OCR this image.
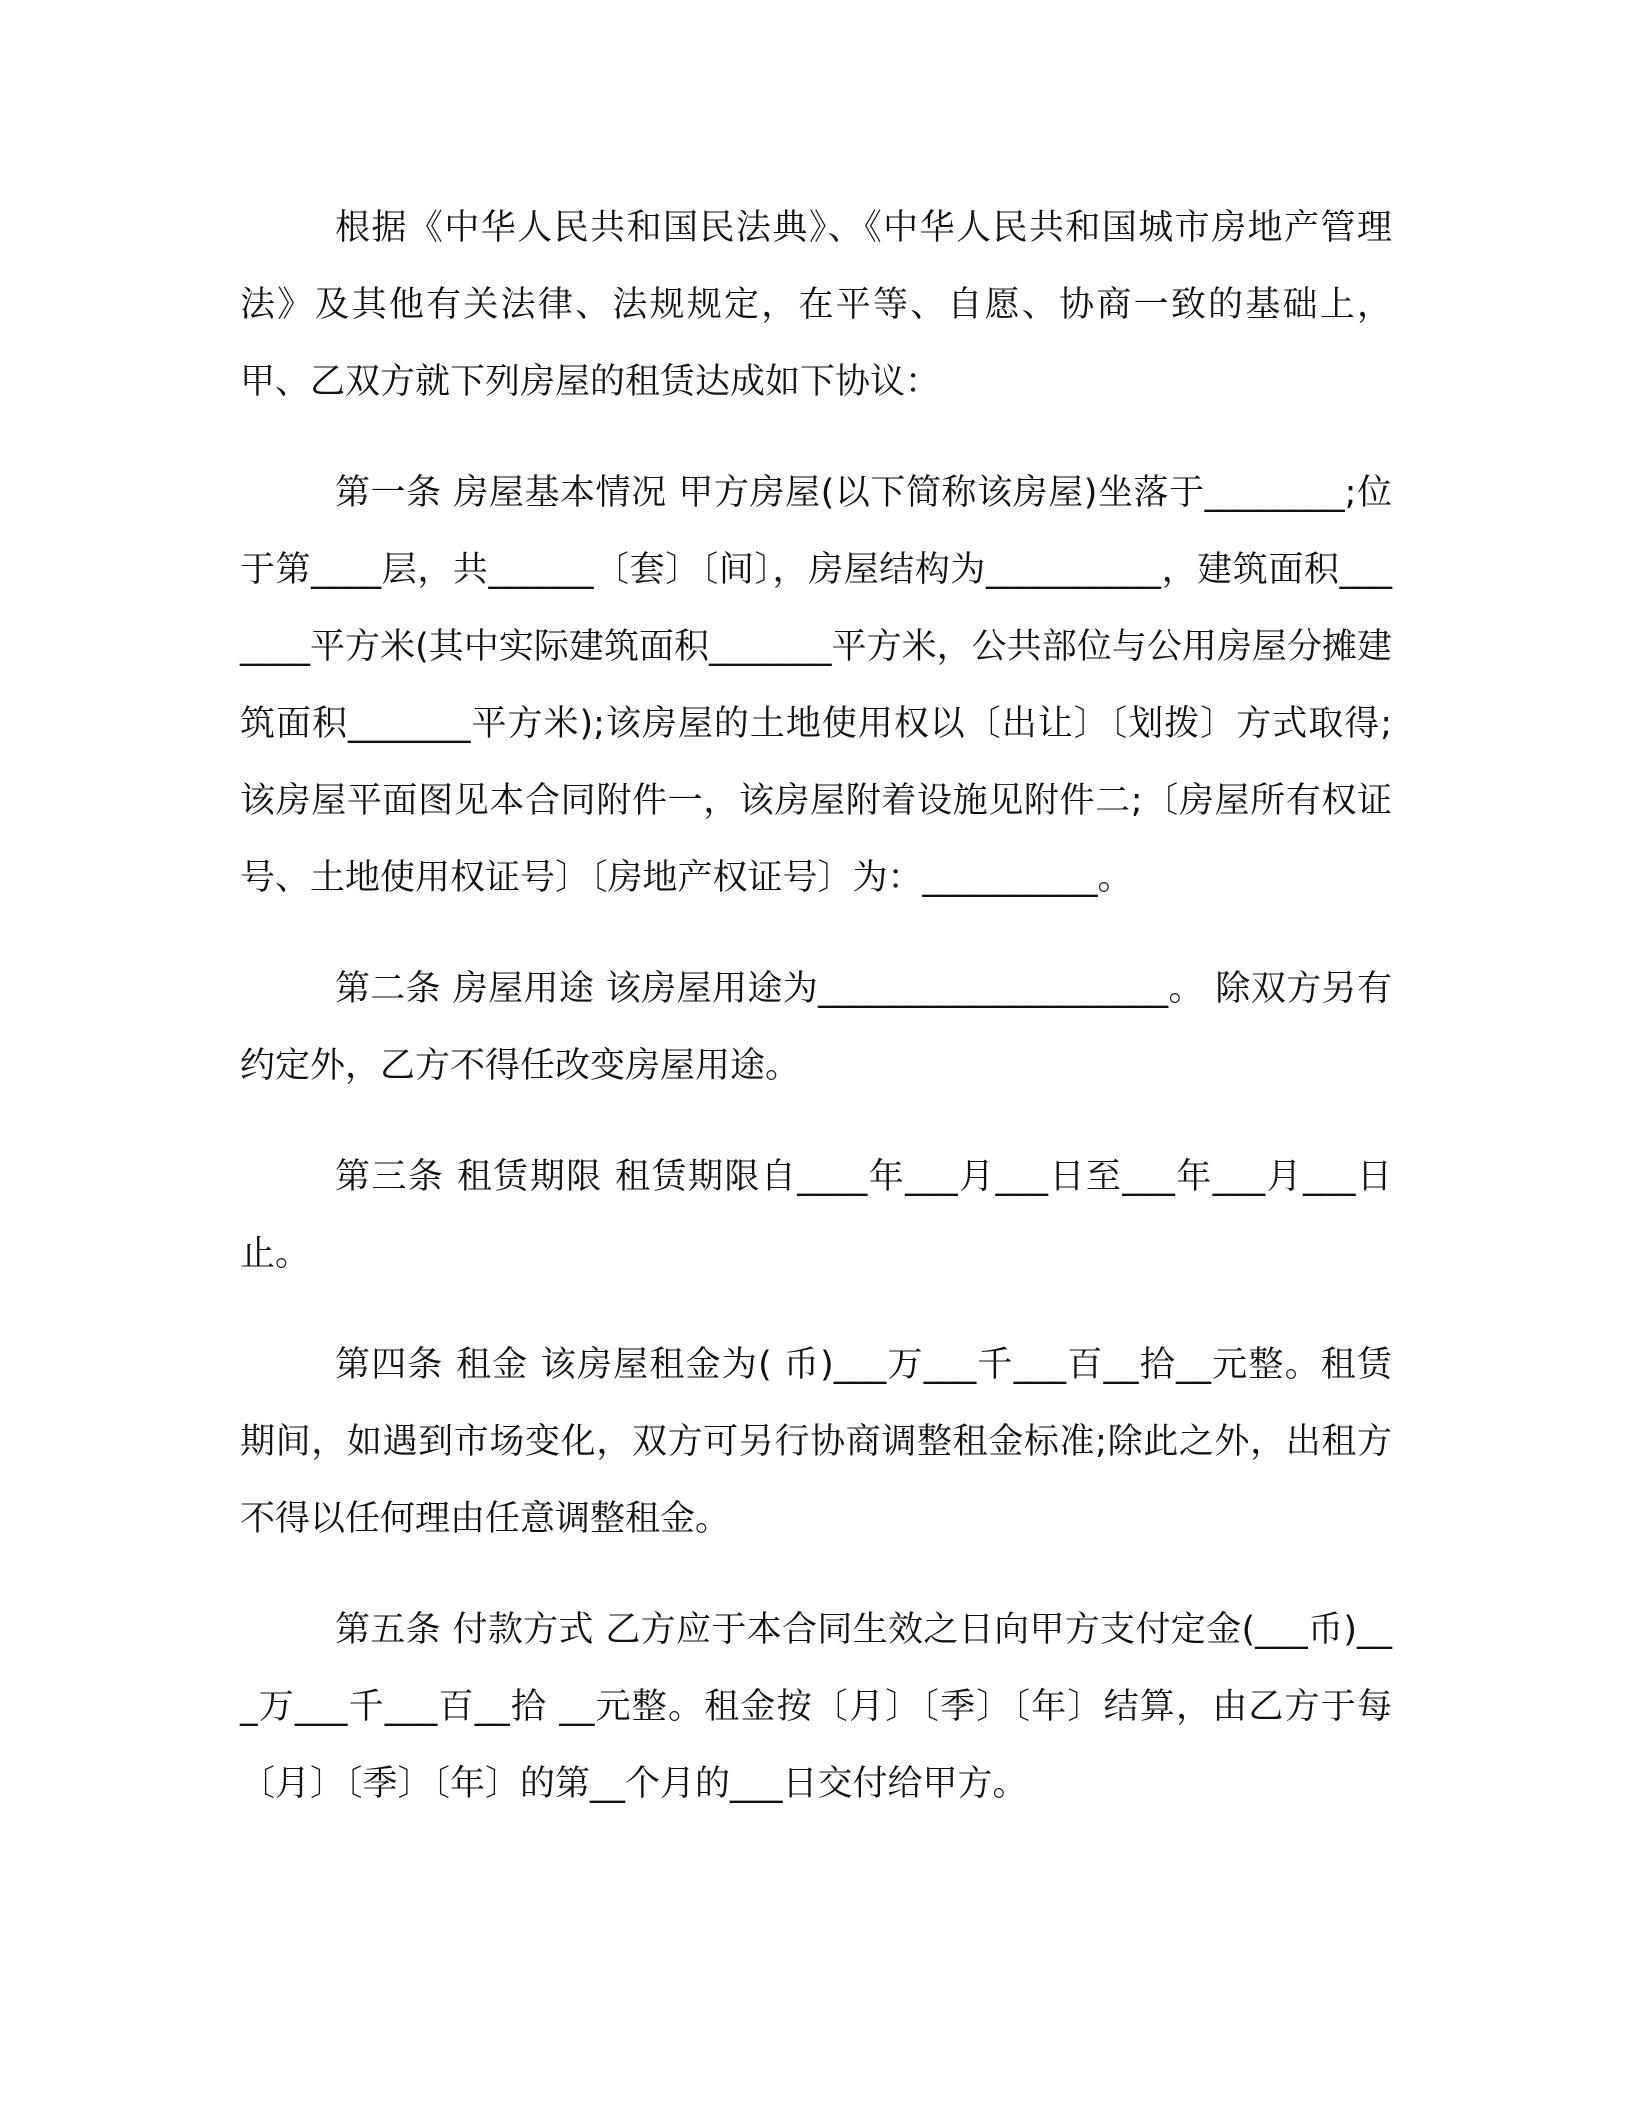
根据《中华人民共和国民法典》、《中华人民共和国城市房地产管理法》及其他有关法律、法规规定，在平等、自愿、协商一致的基础上，甲、乙双方就下列房屋的租赁达成如下协议：

第一条 房屋基本情况 甲方房屋(以下简称该房屋)坐落于________;位于第____层，共______〔套〕〔间〕，房屋结构为__________，建筑面积_______平方米(其中实际建筑面积_______平方米，公共部位与公用房屋分摊建筑面积_______平方米);该房屋的土地使用权以〔出让〕〔划拨〕方式取得;该房屋平面图见本合同附件一，该房屋附着设施见附件二;〔房屋所有权证号、土地使用权证号〕〔房地产权证号〕为：__________。

第二条 房屋用途 该房屋用途为____________________。 除双方另有约定外，乙方不得任改变房屋用途。

第三条 租赁期限 租赁期限自____年___月___日至___年___月___日止。

第四条 租金 该房屋租金为( 币)___万___千___百__拾__元整。租赁期间，如遇到市场变化，双方可另行协商调整租金标准;除此之外，出租方不得以任何理由任意调整租金。

第五条 付款方式 乙方应于本合同生效之日向甲方支付定金(___币)___万___千___百__拾 __元整。租金按〔月〕〔季〕〔年〕结算，由乙方于每〔月〕〔季〕〔年〕的第__个月的___日交付给甲方。
